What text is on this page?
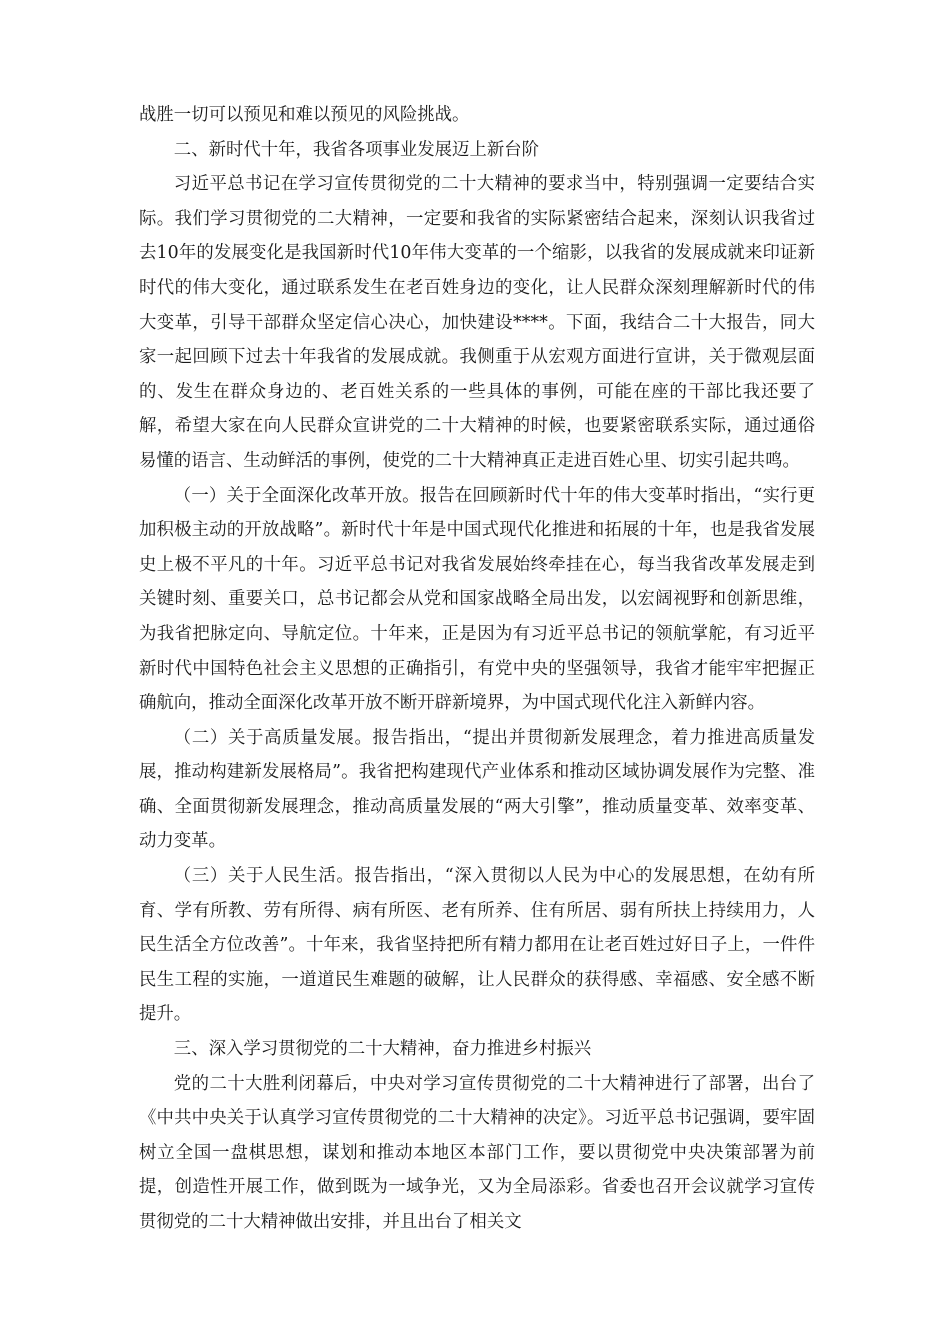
战胜一切可以预见和难以预见的风险挑战。

二、新时代十年，我省各项事业发展迈上新台阶

习近平总书记在学习宣传贯彻党的二十大精神的要求当中，特别强调一定要结合实际。我们学习贯彻党的二大精神，一定要和我省的实际紧密结合起来，深刻认识我省过去10年的发展变化是我国新时代10年伟大变革的一个缩影，以我省的发展成就来印证新时代的伟大变化，通过联系发生在老百姓身边的变化，让人民群众深刻理解新时代的伟大变革，引导干部群众坚定信心决心，加快建设****。下面，我结合二十大报告，同大家一起回顾下过去十年我省的发展成就。我侧重于从宏观方面进行宣讲，关于微观层面的、发生在群众身边的、老百姓关系的一些具体的事例，可能在座的干部比我还要了解，希望大家在向人民群众宣讲党的二十大精神的时候，也要紧密联系实际，通过通俗易懂的语言、生动鲜活的事例，使党的二十大精神真正走进百姓心里、切实引起共鸣。

（一）关于全面深化改革开放。报告在回顾新时代十年的伟大变革时指出，“实行更加积极主动的开放战略”。新时代十年是中国式现代化推进和拓展的十年，也是我省发展史上极不平凡的十年。习近平总书记对我省发展始终牵挂在心，每当我省改革发展走到关键时刻、重要关口，总书记都会从党和国家战略全局出发，以宏阔视野和创新思维，为我省把脉定向、导航定位。十年来，正是因为有习近平总书记的领航掌舵，有习近平新时代中国特色社会主义思想的正确指引，有党中央的坚强领导，我省才能牢牢把握正确航向，推动全面深化改革开放不断开辟新境界，为中国式现代化注入新鲜内容。

（二）关于高质量发展。报告指出，“提出并贯彻新发展理念，着力推进高质量发展，推动构建新发展格局”。我省把构建现代产业体系和推动区域协调发展作为完整、准确、全面贯彻新发展理念，推动高质量发展的“两大引擎”，推动质量变革、效率变革、动力变革。

（三）关于人民生活。报告指出，“深入贯彻以人民为中心的发展思想，在幼有所育、学有所教、劳有所得、病有所医、老有所养、住有所居、弱有所扶上持续用力，人民生活全方位改善”。十年来，我省坚持把所有精力都用在让老百姓过好日子上，一件件民生工程的实施，一道道民生难题的破解，让人民群众的获得感、幸福感、安全感不断提升。

三、深入学习贯彻党的二十大精神，奋力推进乡村振兴

党的二十大胜利闭幕后，中央对学习宣传贯彻党的二十大精神进行了部署，出台了《中共中央关于认真学习宣传贯彻党的二十大精神的决定》。习近平总书记强调，要牢固树立全国一盘棋思想，谋划和推动本地区本部门工作，要以贯彻党中央决策部署为前提，创造性开展工作，做到既为一域争光，又为全局添彩。省委也召开会议就学习宣传贯彻党的二十大精神做出安排，并且出台了相关文
